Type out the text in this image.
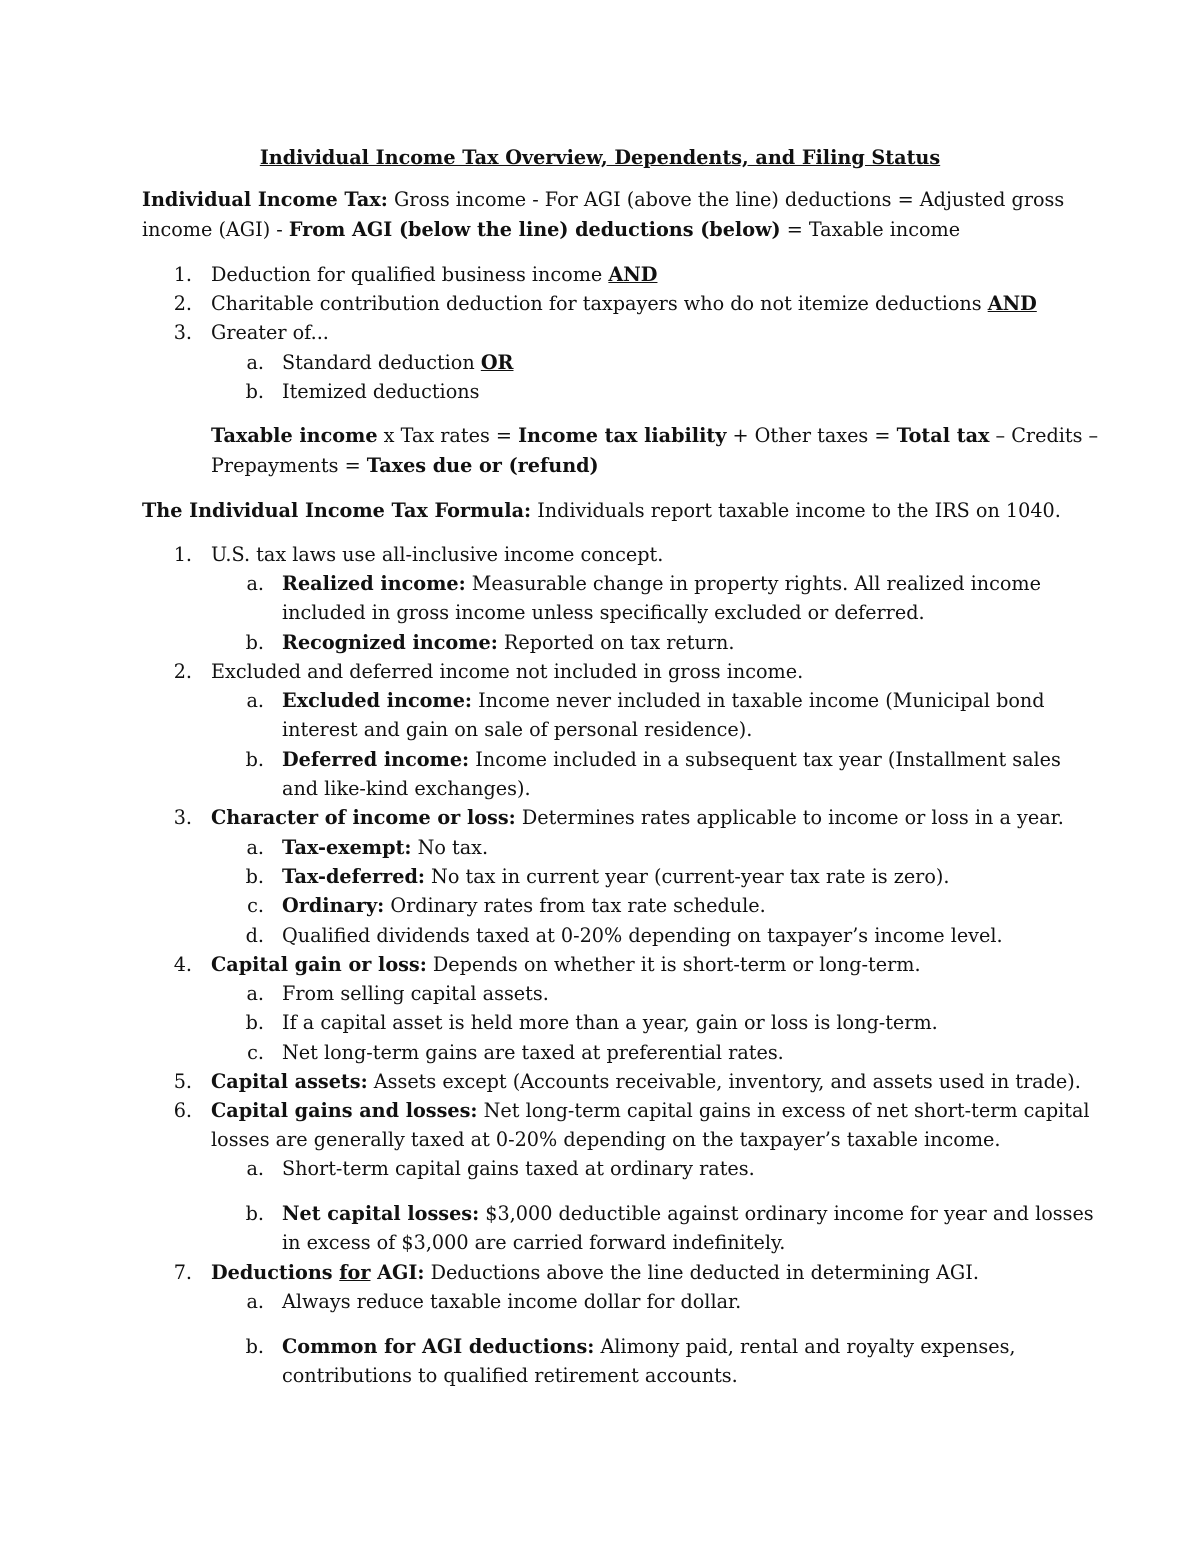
Individual Income Tax Overview, Dependents, and Filing Status
Individual Income Tax: Gross income - For AGI (above the line) deductions = Adjusted gross
income (AGI) - From AGI (below the line) deductions (below) = Taxable income
1. Deduction for qualified business income AND
2. Charitable contribution deduction for taxpayers who do not itemize deductions AND
3. Greater of...
a. Standard deduction OR
b. Itemized deductions
Taxable income x Tax rates = Income tax liability + Other taxes = Total tax – Credits –
Prepayments = Taxes due or (refund)
The Individual Income Tax Formula: Individuals report taxable income to the IRS on 1040.
1. U.S. tax laws use all-inclusive income concept.
a. Realized income: Measurable change in property rights. All realized income
included in gross income unless specifically excluded or deferred.
b. Recognized income: Reported on tax return.
2. Excluded and deferred income not included in gross income.
a. Excluded income: Income never included in taxable income (Municipal bond
interest and gain on sale of personal residence).
b. Deferred income: Income included in a subsequent tax year (Installment sales
and like-kind exchanges).
3. Character of income or loss: Determines rates applicable to income or loss in a year.
a. Tax-exempt: No tax.
b. Tax-deferred: No tax in current year (current-year tax rate is zero).
c. Ordinary: Ordinary rates from tax rate schedule.
d. Qualified dividends taxed at 0-20% depending on taxpayer’s income level.
4. Capital gain or loss: Depends on whether it is short-term or long-term.
a. From selling capital assets.
b. If a capital asset is held more than a year, gain or loss is long-term.
c. Net long-term gains are taxed at preferential rates.
5. Capital assets: Assets except (Accounts receivable, inventory, and assets used in trade).
6. Capital gains and losses: Net long-term capital gains in excess of net short-term capital
losses are generally taxed at 0-20% depending on the taxpayer’s taxable income.
a. Short-term capital gains taxed at ordinary rates.
b. Net capital losses: $3,000 deductible against ordinary income for year and losses
in excess of $3,000 are carried forward indefinitely.
7. Deductions for AGI: Deductions above the line deducted in determining AGI.
a. Always reduce taxable income dollar for dollar.
b. Common for AGI deductions: Alimony paid, rental and royalty expenses,
contributions to qualified retirement accounts.
